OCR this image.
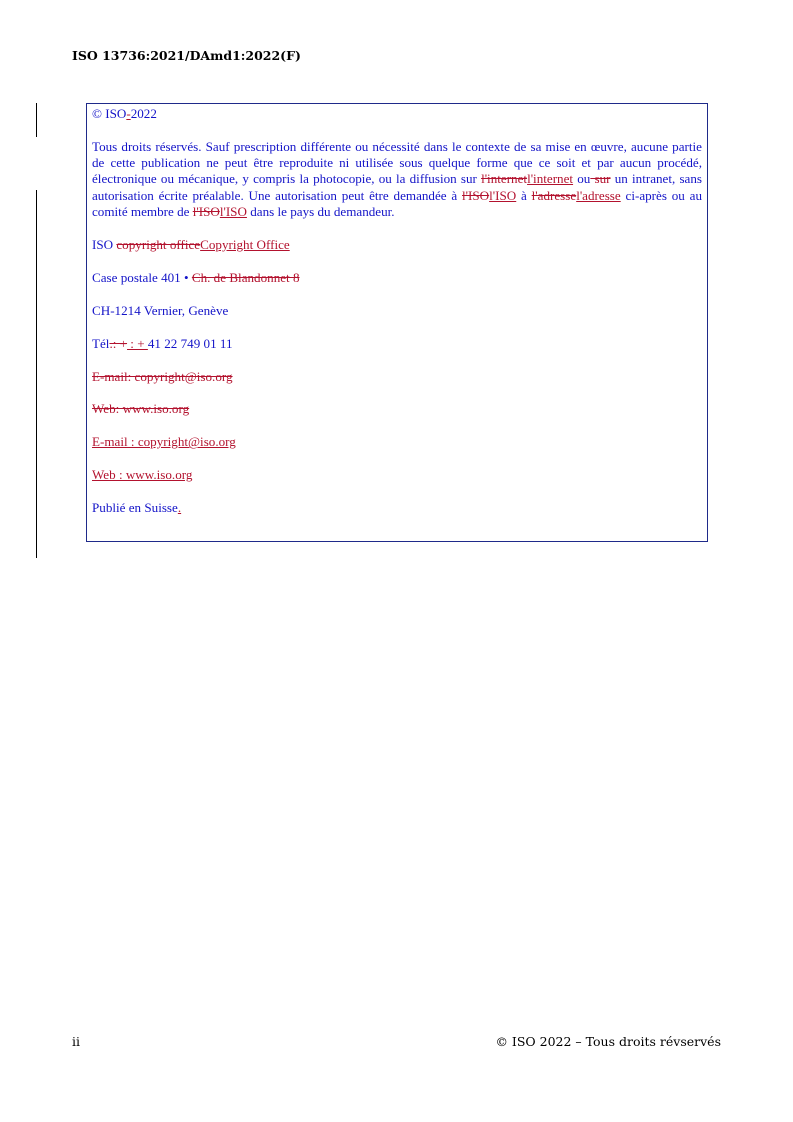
ISO 13736:2021/DAmd1:2022(F)

© ISO-2022

Tous droits réservés. Sauf prescription différente ou nécessité dans le contexte de sa mise en œuvre, aucune partie de cette publication ne peut être reproduite ni utilisée sous quelque forme que ce soit et par aucun procédé, électronique ou mécanique, y compris la photocopie, ou la diffusion sur l'internetl'internet ou sur un intranet, sans autorisation écrite préalable. Une autorisation peut être demandée à l'ISOl'ISO à l'adressel'adresse ci-après ou au comité membre de l'ISOl'ISO dans le pays du demandeur.

ISO copyright officeCopyright Office

Case postale 401 • Ch. de Blandonnet 8

CH-1214 Vernier, Genève

Tél.: + : + 41 22 749 01 11

E-mail: copyright@iso.org

Web: www.iso.org

E-mail : copyright@iso.org

Web : www.iso.org

Publié en Suisse.

ii	© ISO 2022 – Tous droits révservés
